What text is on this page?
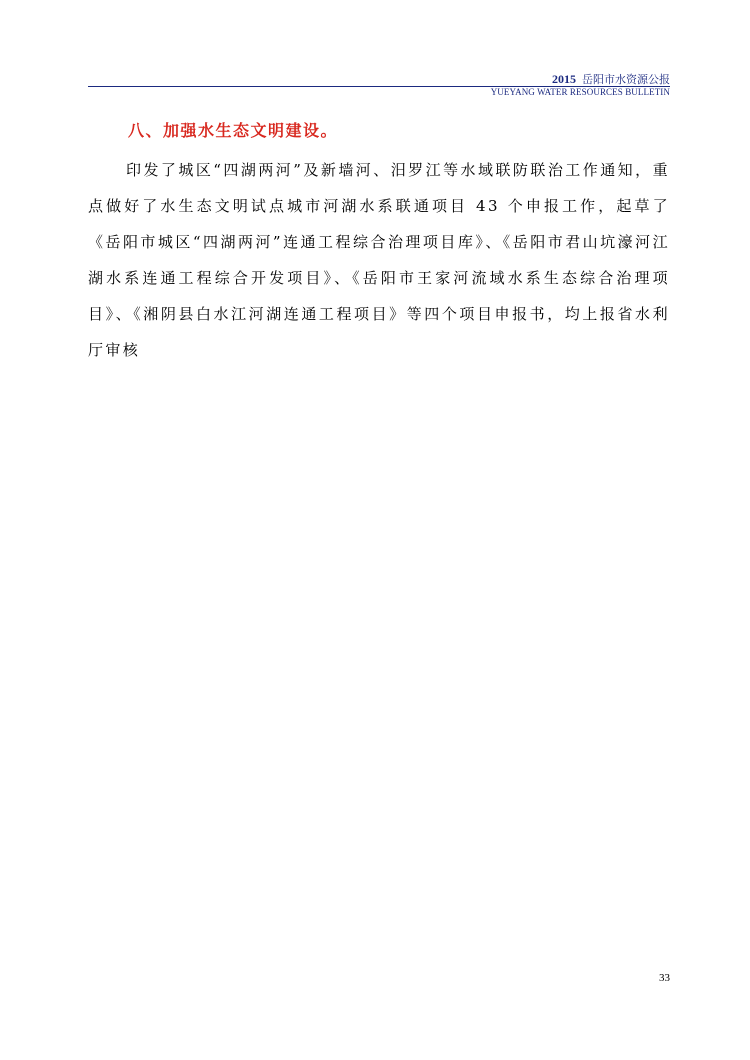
2015 岳阳市水资源公报
YUEYANG WATER RESOURCES BULLETIN
八、加强水生态文明建设。

印发了城区“四湖两河”及新墙河、汨罗江等水域联防联治工作通知，重点做好了水生态文明试点城市河湖水系联通项目 43 个申报工作，起草了《岳阳市城区“四湖两河”连通工程综合治理项目库》、《岳阳市君山坑濠河江湖水系连通工程综合开发项目》、《岳阳市王家河流域水系生态综合治理项目》、《湘阴县白水江河湖连通工程项目》等四个项目申报书，均上报省水利厅审核

33
